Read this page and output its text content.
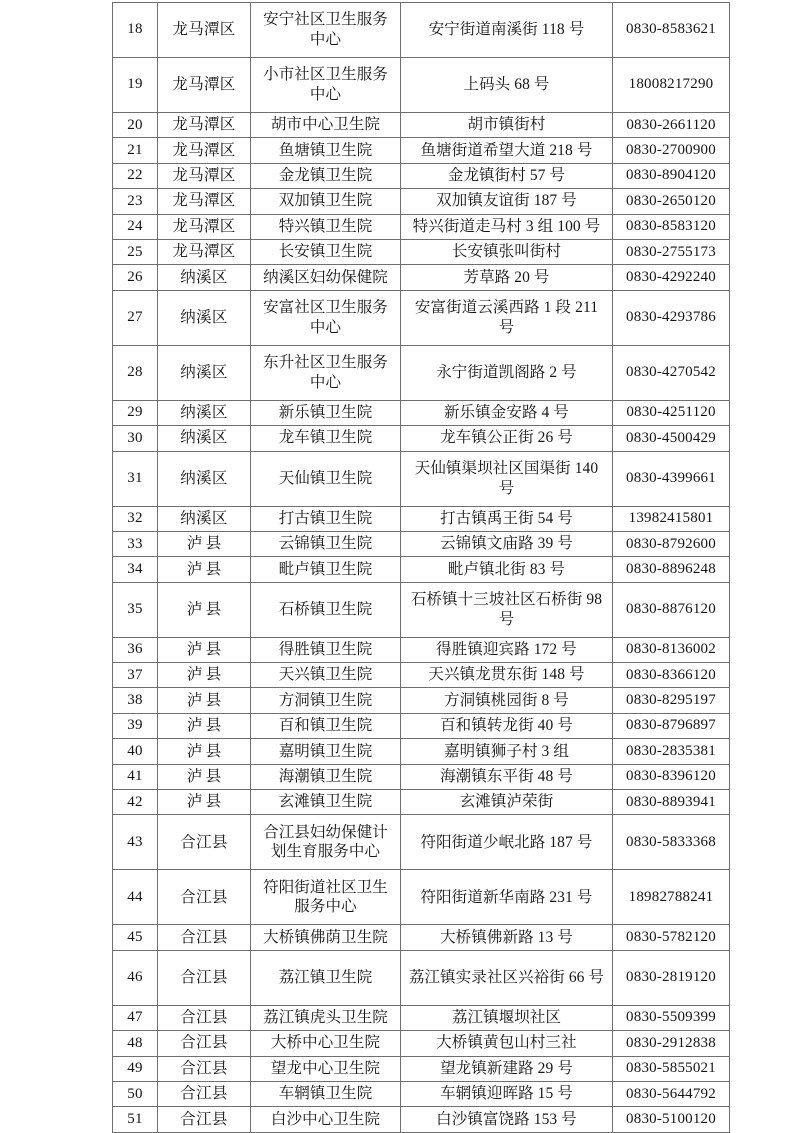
18	龙马潭区	安宁社区卫生服务中心	安宁街道南溪街 118 号	0830-8583621
19	龙马潭区	小市社区卫生服务中心	上码头 68 号	18008217290
20	龙马潭区	胡市中心卫生院	胡市镇街村	0830-2661120
21	龙马潭区	鱼塘镇卫生院	鱼塘街道希望大道 218 号	0830-2700900
22	龙马潭区	金龙镇卫生院	金龙镇街村 57 号	0830-8904120
23	龙马潭区	双加镇卫生院	双加镇友谊街 187 号	0830-2650120
24	龙马潭区	特兴镇卫生院	特兴街道走马村 3 组 100 号	0830-8583120
25	龙马潭区	长安镇卫生院	长安镇张叫街村	0830-2755173
26	纳溪区	纳溪区妇幼保健院	芳草路 20 号	0830-4292240
27	纳溪区	安富社区卫生服务中心	安富街道云溪西路 1 段 211 号	0830-4293786
28	纳溪区	东升社区卫生服务中心	永宁街道凯阁路 2 号	0830-4270542
29	纳溪区	新乐镇卫生院	新乐镇金安路 4 号	0830-4251120
30	纳溪区	龙车镇卫生院	龙车镇公正街 26 号	0830-4500429
31	纳溪区	天仙镇卫生院	天仙镇渠坝社区国渠街 140 号	0830-4399661
32	纳溪区	打古镇卫生院	打古镇禹王街 54 号	13982415801
33	泸县	云锦镇卫生院	云锦镇文庙路 39 号	0830-8792600
34	泸县	毗卢镇卫生院	毗卢镇北街 83 号	0830-8896248
35	泸县	石桥镇卫生院	石桥镇十三坡社区石桥街 98 号	0830-8876120
36	泸县	得胜镇卫生院	得胜镇迎宾路 172 号	0830-8136002
37	泸县	天兴镇卫生院	天兴镇龙贯东街 148 号	0830-8366120
38	泸县	方洞镇卫生院	方洞镇桃园街 8 号	0830-8295197
39	泸县	百和镇卫生院	百和镇转龙街 40 号	0830-8796897
40	泸县	嘉明镇卫生院	嘉明镇狮子村 3 组	0830-2835381
41	泸县	海潮镇卫生院	海潮镇东平街 48 号	0830-8396120
42	泸县	玄滩镇卫生院	玄滩镇泸荣街	0830-8893941
43	合江县	合江县妇幼保健计划生育服务中心	符阳街道少岷北路 187 号	0830-5833368
44	合江县	符阳街道社区卫生服务中心	符阳街道新华南路 231 号	18982788241
45	合江县	大桥镇佛荫卫生院	大桥镇佛新路 13 号	0830-5782120
46	合江县	荔江镇卫生院	荔江镇实录社区兴裕街 66 号	0830-2819120
47	合江县	荔江镇虎头卫生院	荔江镇堰坝社区	0830-5509399
48	合江县	大桥中心卫生院	大桥镇黄包山村三社	0830-2912838
49	合江县	望龙中心卫生院	望龙镇新建路 29 号	0830-5855021
50	合江县	车辋镇卫生院	车辋镇迎晖路 15 号	0830-5644792
51	合江县	白沙中心卫生院	白沙镇富饶路 153 号	0830-5100120
